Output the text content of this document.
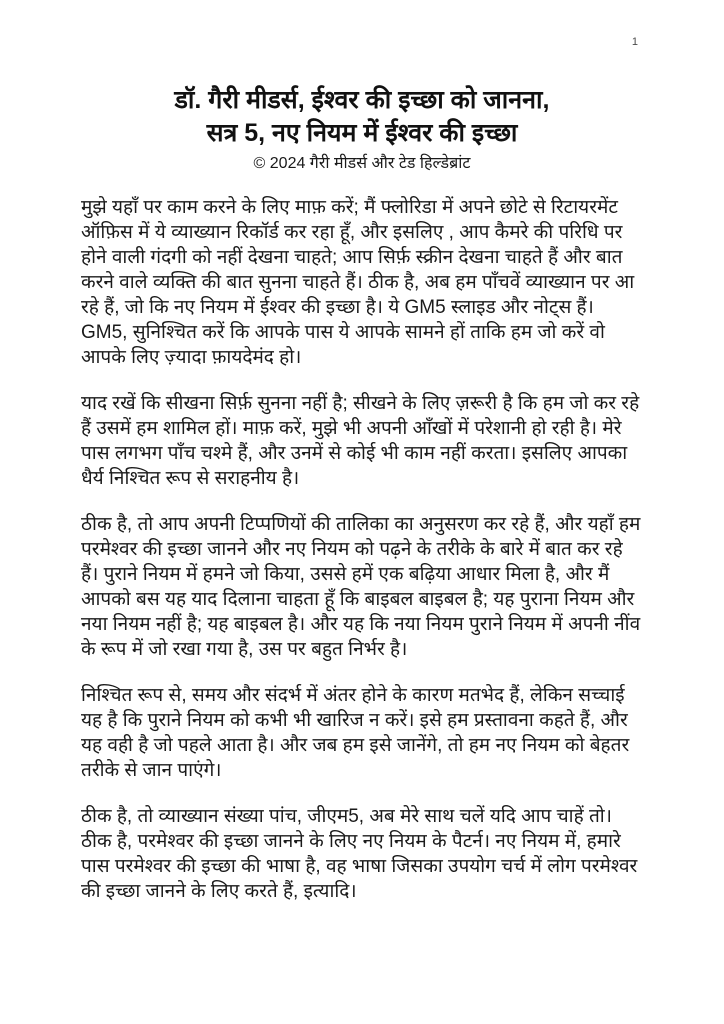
1
डॉ. गैरी मीडर्स, ईश्वर की इच्छा को जानना,
सत्र 5, नए नियम में ईश्वर की इच्छा
© 2024 गैरी मीडर्स और टेड हिल्डेब्रांट

मुझे यहाँ पर काम करने के लिए माफ़ करें; मैं फ्लोरिडा में अपने छोटे से रिटायरमेंट ऑफ़िस में ये व्याख्यान रिकॉर्ड कर रहा हूँ, और इसलिए , आप कैमरे की परिधि पर होने वाली गंदगी को नहीं देखना चाहते; आप सिर्फ़ स्क्रीन देखना चाहते हैं और बात करने वाले व्यक्ति की बात सुनना चाहते हैं। ठीक है, अब हम पाँचवें व्याख्यान पर आ रहे हैं, जो कि नए नियम में ईश्वर की इच्छा है। ये GM5 स्लाइड और नोट्स हैं। GM5, सुनिश्चित करें कि आपके पास ये आपके सामने हों ताकि हम जो करें वो आपके लिए ज़्यादा फ़ायदेमंद हो।

याद रखें कि सीखना सिर्फ़ सुनना नहीं है; सीखने के लिए ज़रूरी है कि हम जो कर रहे हैं उसमें हम शामिल हों। माफ़ करें, मुझे भी अपनी आँखों में परेशानी हो रही है। मेरे पास लगभग पाँच चश्मे हैं, और उनमें से कोई भी काम नहीं करता। इसलिए आपका धैर्य निश्चित रूप से सराहनीय है।

ठीक है, तो आप अपनी टिप्पणियों की तालिका का अनुसरण कर रहे हैं, और यहाँ हम परमेश्वर की इच्छा जानने और नए नियम को पढ़ने के तरीके के बारे में बात कर रहे हैं। पुराने नियम में हमने जो किया, उससे हमें एक बढ़िया आधार मिला है, और मैं आपको बस यह याद दिलाना चाहता हूँ कि बाइबल बाइबल है; यह पुराना नियम और नया नियम नहीं है; यह बाइबल है। और यह कि नया नियम पुराने नियम में अपनी नींव के रूप में जो रखा गया है, उस पर बहुत निर्भर है।

निश्चित रूप से, समय और संदर्भ में अंतर होने के कारण मतभेद हैं, लेकिन सच्चाई यह है कि पुराने नियम को कभी भी खारिज न करें। इसे हम प्रस्तावना कहते हैं, और यह वही है जो पहले आता है। और जब हम इसे जानेंगे, तो हम नए नियम को बेहतर तरीके से जान पाएंगे।

ठीक है, तो व्याख्यान संख्या पांच, जीएम5, अब मेरे साथ चलें यदि आप चाहें तो। ठीक है, परमेश्वर की इच्छा जानने के लिए नए नियम के पैटर्न। नए नियम में, हमारे पास परमेश्वर की इच्छा की भाषा है, वह भाषा जिसका उपयोग चर्च में लोग परमेश्वर की इच्छा जानने के लिए करते हैं, इत्यादि।
